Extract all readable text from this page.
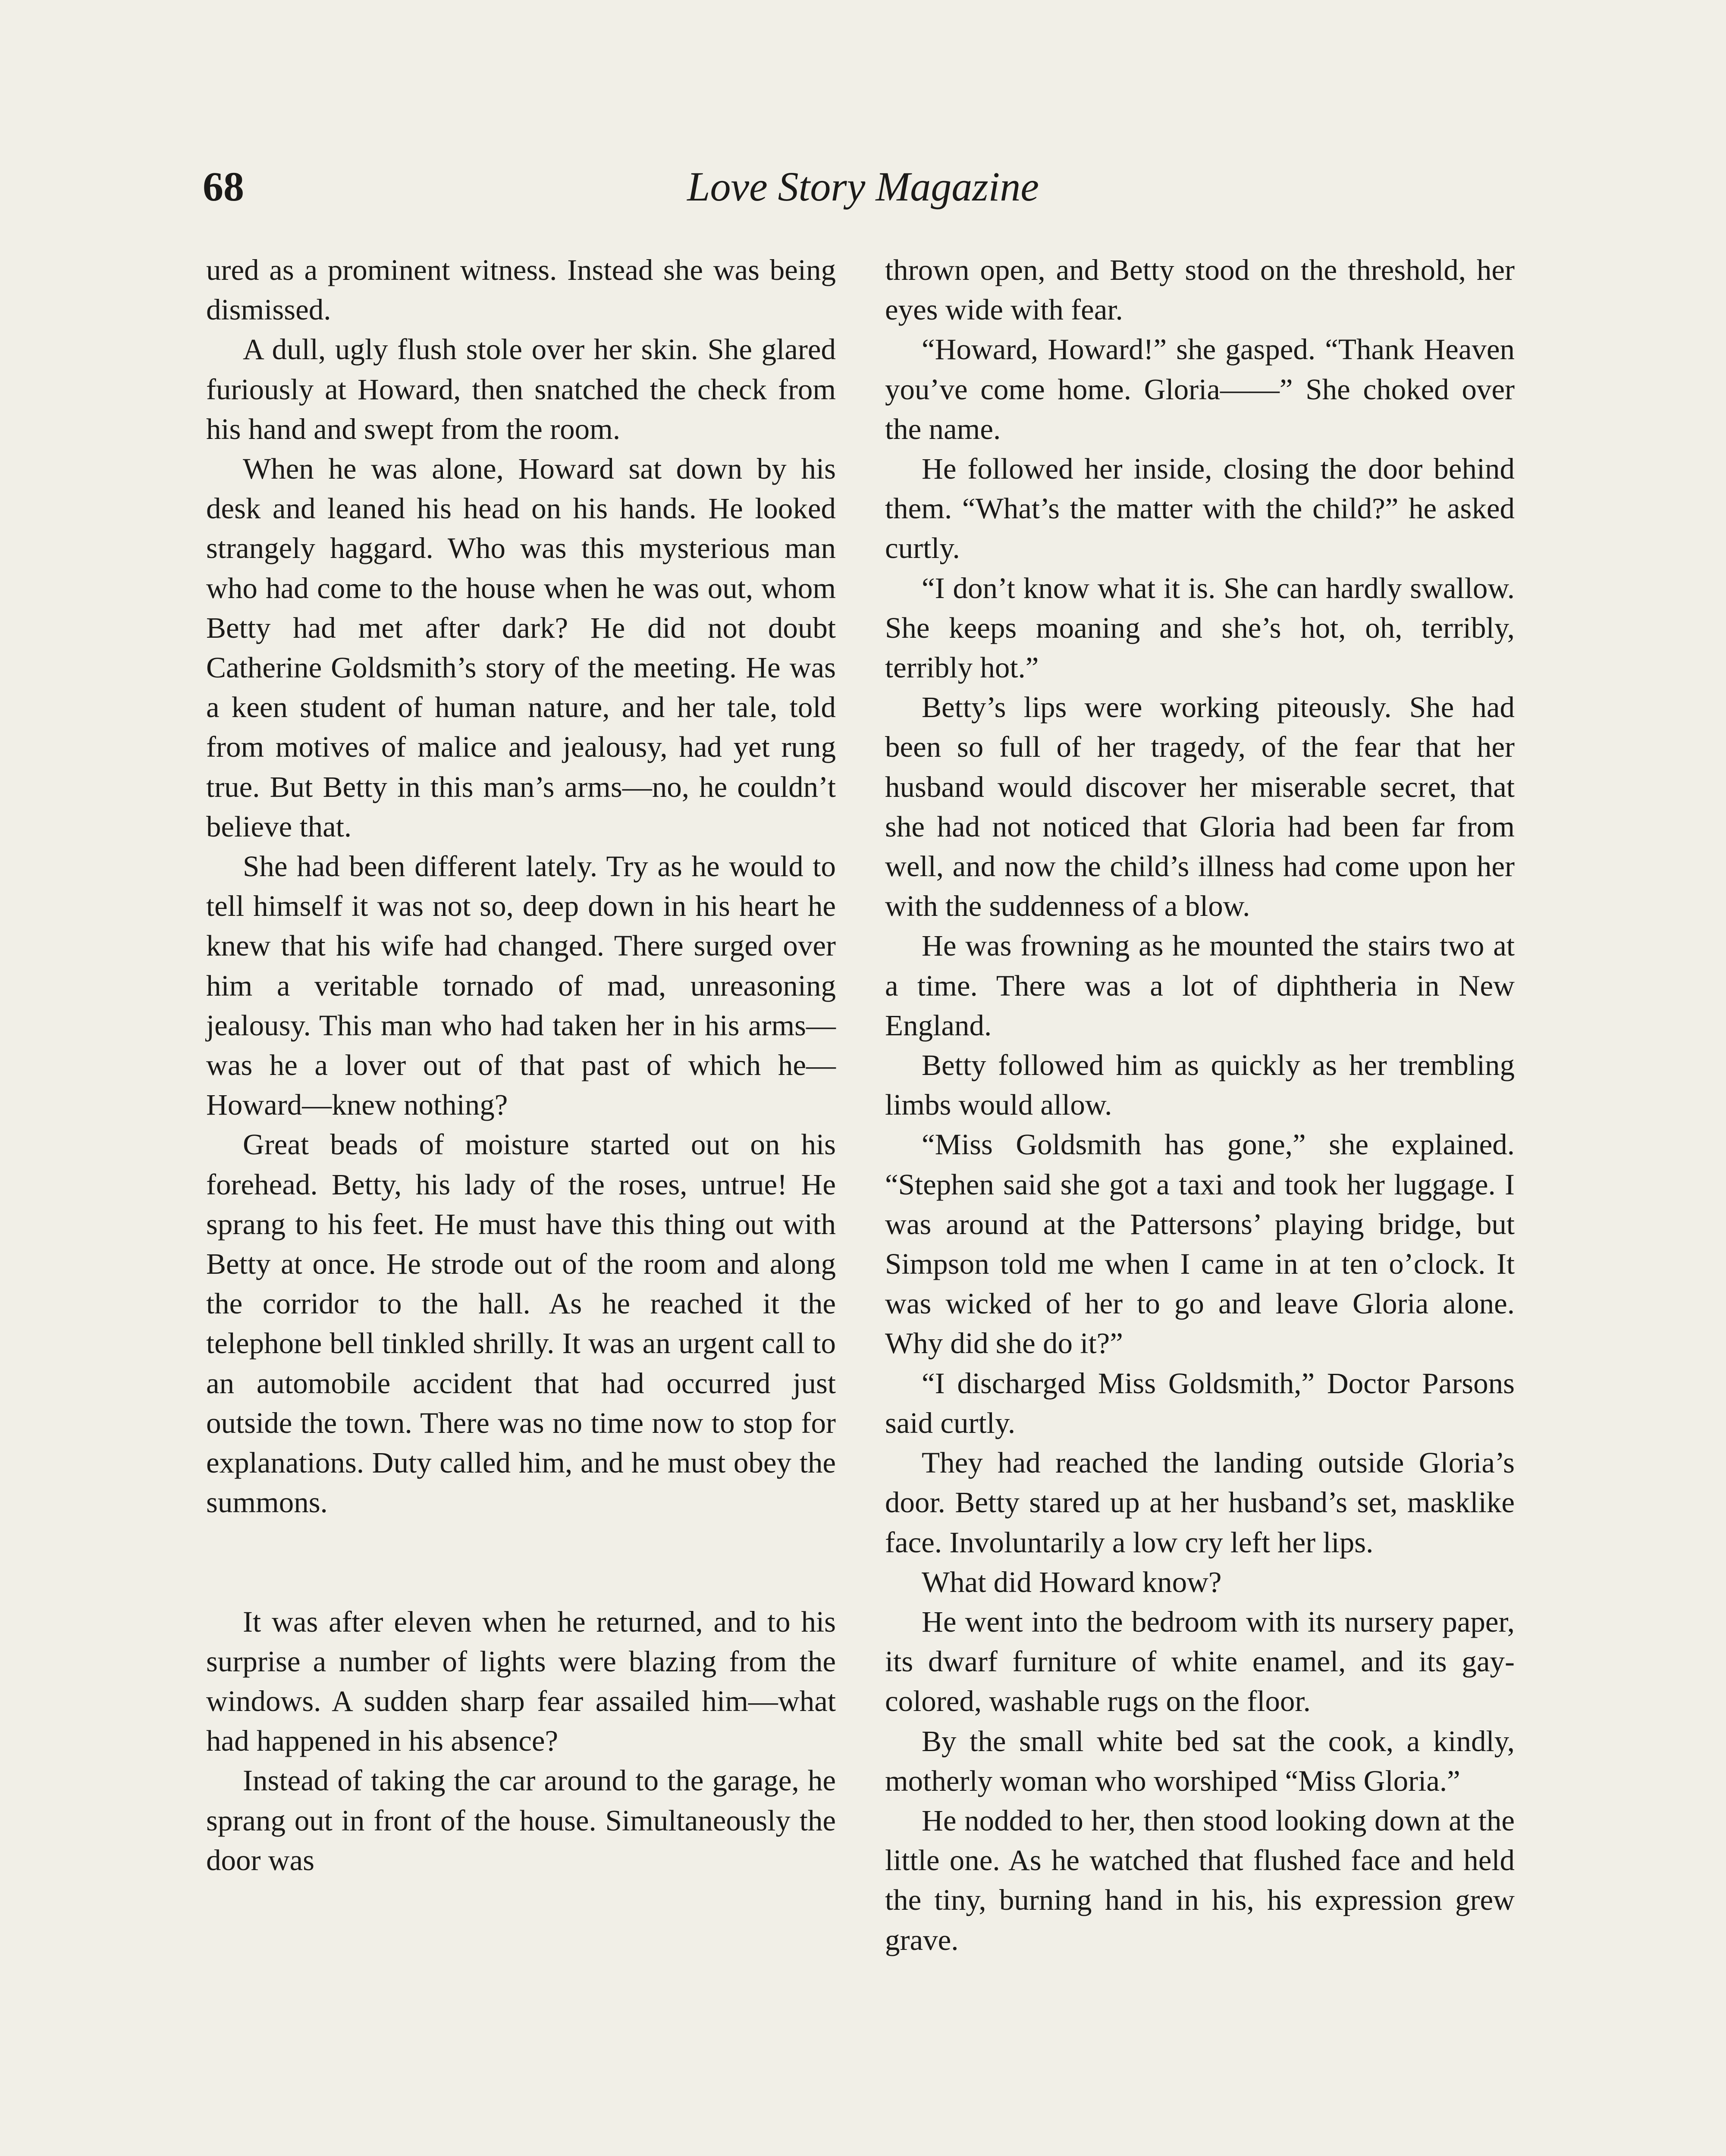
68	Love Story Magazine

ured as a prominent witness. Instead she was being dismissed.

A dull, ugly flush stole over her skin. She glared furiously at Howard, then snatched the check from his hand and swept from the room.

When he was alone, Howard sat down by his desk and leaned his head on his hands. He looked strangely haggard. Who was this mysterious man who had come to the house when he was out, whom Betty had met after dark? He did not doubt Catherine Goldsmith’s story of the meeting. He was a keen student of human nature, and her tale, told from motives of malice and jealousy, had yet rung true. But Betty in this man’s arms—no, he couldn’t believe that.

She had been different lately. Try as he would to tell himself it was not so, deep down in his heart he knew that his wife had changed. There surged over him a veritable tornado of mad, unreasoning jealousy. This man who had taken her in his arms—was he a lover out of that past of which he—Howard—knew nothing?

Great beads of moisture started out on his forehead. Betty, his lady of the roses, untrue! He sprang to his feet. He must have this thing out with Betty at once. He strode out of the room and along the corridor to the hall. As he reached it the telephone bell tinkled shrilly. It was an urgent call to an automobile accident that had occurred just outside the town. There was no time now to stop for explanations. Duty called him, and he must obey the summons.

It was after eleven when he returned, and to his surprise a number of lights were blazing from the windows. A sudden sharp fear assailed him—what had happened in his absence?

Instead of taking the car around to the garage, he sprang out in front of the house. Simultaneously the door was

thrown open, and Betty stood on the threshold, her eyes wide with fear.

“Howard, Howard!” she gasped. “Thank Heaven you’ve come home. Gloria——” She choked over the name.

He followed her inside, closing the door behind them. “What’s the matter with the child?” he asked curtly.

“I don’t know what it is. She can hardly swallow. She keeps moaning and she’s hot, oh, terribly, terribly hot.”

Betty’s lips were working piteously. She had been so full of her tragedy, of the fear that her husband would discover her miserable secret, that she had not noticed that Gloria had been far from well, and now the child’s illness had come upon her with the suddenness of a blow.

He was frowning as he mounted the stairs two at a time. There was a lot of diphtheria in New England.

Betty followed him as quickly as her trembling limbs would allow.

“Miss Goldsmith has gone,” she explained. “Stephen said she got a taxi and took her luggage. I was around at the Pattersons’ playing bridge, but Simpson told me when I came in at ten o’clock. It was wicked of her to go and leave Gloria alone. Why did she do it?”

“I discharged Miss Goldsmith,” Doctor Parsons said curtly.

They had reached the landing outside Gloria’s door. Betty stared up at her husband’s set, masklike face. Involuntarily a low cry left her lips.

What did Howard know?

He went into the bedroom with its nursery paper, its dwarf furniture of white enamel, and its gay-colored, washable rugs on the floor.

By the small white bed sat the cook, a kindly, motherly woman who worshiped “Miss Gloria.”

He nodded to her, then stood looking down at the little one. As he watched that flushed face and held the tiny, burning hand in his, his expression grew grave.
